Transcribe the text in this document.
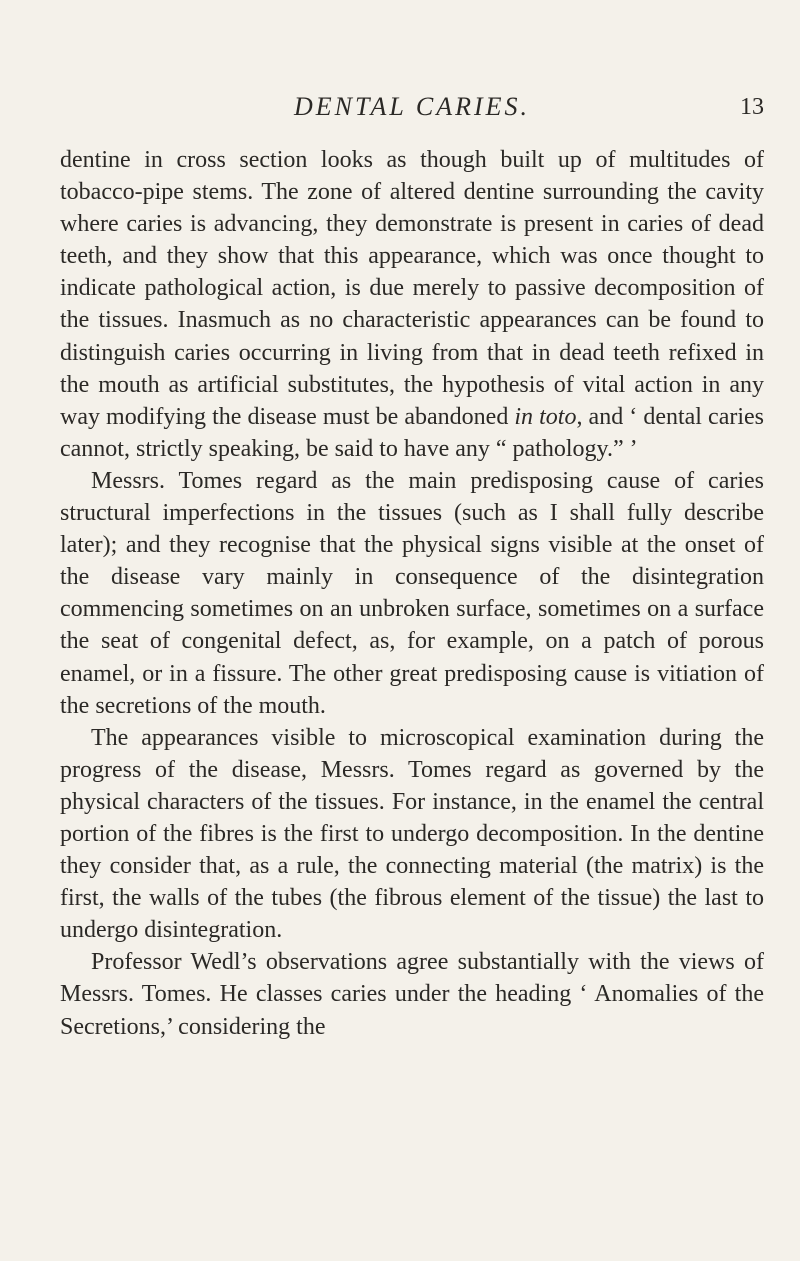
DENTAL CARIES.	13

dentine in cross section looks as though built up of multitudes of tobacco-pipe stems. The zone of altered dentine surrounding the cavity where caries is advancing, they demonstrate is present in caries of dead teeth, and they show that this appearance, which was once thought to indicate pathological action, is due merely to passive decomposition of the tissues. Inasmuch as no characteristic appearances can be found to distinguish caries occurring in living from that in dead teeth refixed in the mouth as artificial substitutes, the hypothesis of vital action in any way modifying the disease must be abandoned in toto, and ‘ dental caries cannot, strictly speaking, be said to have any “ pathology.” ’

Messrs. Tomes regard as the main predisposing cause of caries structural imperfections in the tissues (such as I shall fully describe later); and they recognise that the physical signs visible at the onset of the disease vary mainly in consequence of the disintegration commencing sometimes on an unbroken surface, sometimes on a surface the seat of congenital defect, as, for example, on a patch of porous enamel, or in a fissure. The other great predisposing cause is vitiation of the secretions of the mouth.

The appearances visible to microscopical examination during the progress of the disease, Messrs. Tomes regard as governed by the physical characters of the tissues. For instance, in the enamel the central portion of the fibres is the first to undergo decomposition. In the dentine they consider that, as a rule, the connecting material (the matrix) is the first, the walls of the tubes (the fibrous element of the tissue) the last to undergo disintegration.

Professor Wedl’s observations agree substantially with the views of Messrs. Tomes. He classes caries under the heading ‘ Anomalies of the Secretions,’ considering the
